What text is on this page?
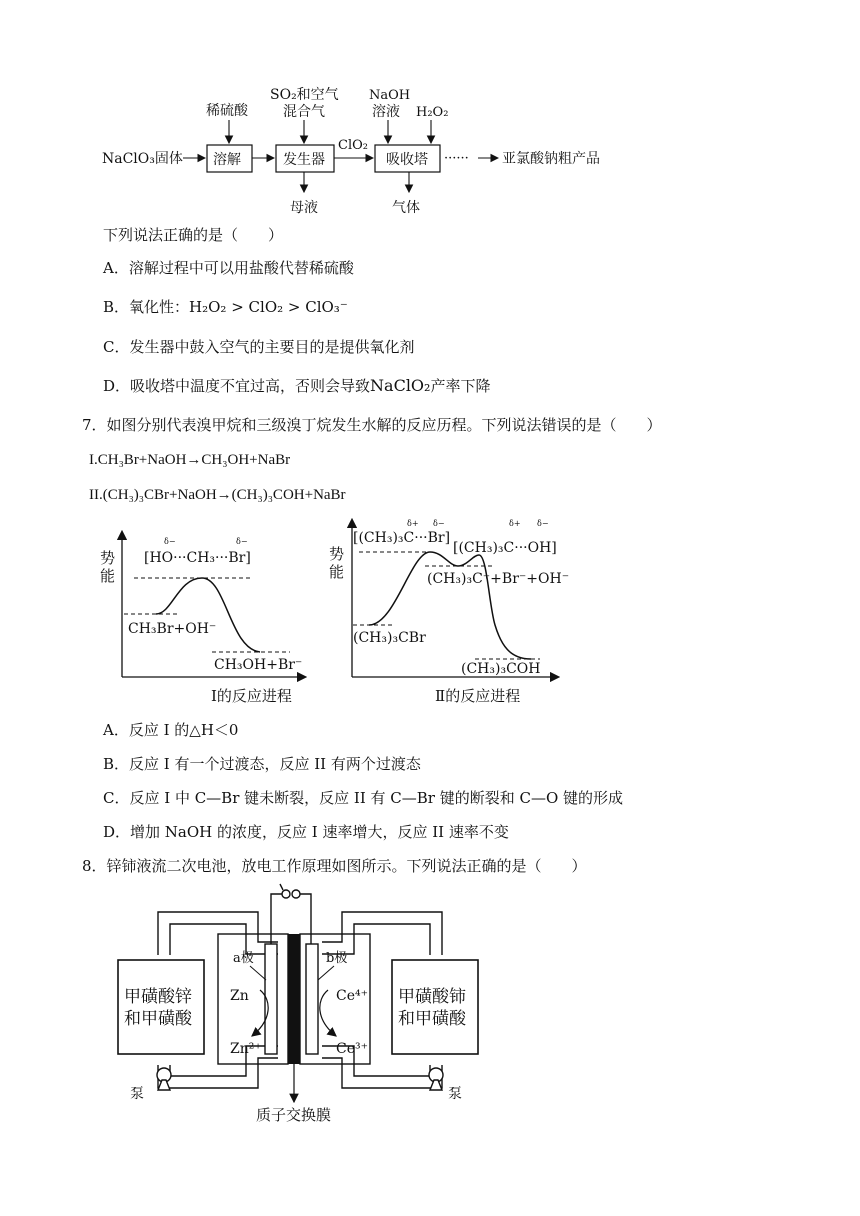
NaClO₃固体
稀硫酸
SO₂和空气
混合气
ClO₂
NaOH
溶液 H₂O₂
母液	气体
······ 亚氯酸钠粗产品
溶解	发生器	吸收塔
下列说法正确的是（　　）
A．溶解过程中可以用盐酸代替稀硫酸
B．氧化性：H₂O₂ > ClO₂ > ClO₃⁻
C．发生器中鼓入空气的主要目的是提供氧化剂
D．吸收塔中温度不宜过高，否则会导致NaClO₂产率下降
7．如图分别代表溴甲烷和三级溴丁烷发生水解的反应历程。下列说法错误的是（　　）
I.CH₃Br+NaOH→CH₃OH+NaBr
II.(CH₃)₃CBr+NaOH→(CH₃)₃COH+NaBr
势
能
δ−	δ−
[HO···CH₃···Br]
CH₃Br+OH⁻
CH₃OH+Br⁻
Ⅰ的反应进程
势
能
δ+ δ−
[(CH₃)₃C···Br]
δ+ δ−
[(CH₃)₃C···OH]
(CH₃)₃C⁺+Br⁻+OH⁻
(CH₃)₃CBr
(CH₃)₃COH
Ⅱ的反应进程
A．反应 I 的△H＜0
B．反应 I 有一个过渡态，反应 II 有两个过渡态
C．反应 I 中 C—Br 键未断裂，反应 II 有 C—Br 键的断裂和 C—O 键的形成
D．增加 NaOH 的浓度，反应 I 速率增大，反应 II 速率不变
8．锌铈液流二次电池，放电工作原理如图所示。下列说法正确的是（　　）
甲磺酸锌
和甲磺酸
甲磺酸铈
和甲磺酸
泵	泵
a极	b极
Zn
Zn²⁺
Ce⁴⁺
Ce³⁺
质子交换膜
